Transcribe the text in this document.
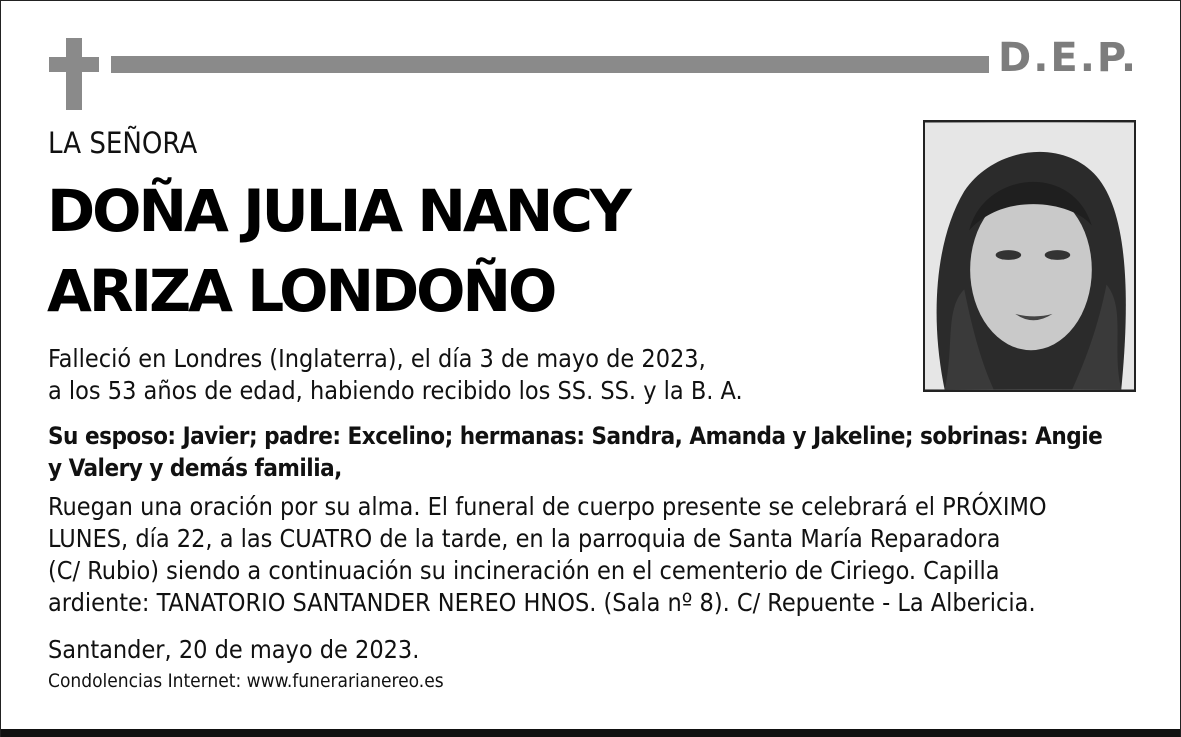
D.E.P.
LA SEÑORA
DOÑA JULIA NANCY
ARIZA LONDOÑO

Falleció en Londres (Inglaterra), el día 3 de mayo de 2023,
a los 53 años de edad, habiendo recibido los SS. SS. y la B. A.

Su esposo: Javier; padre: Excelino; hermanas: Sandra, Amanda y Jakeline; sobrinas: Angie
y Valery y demás familia,

Ruegan una oración por su alma. El funeral de cuerpo presente se celebrará el PRÓXIMO
LUNES, día 22, a las CUATRO de la tarde, en la parroquia de Santa María Reparadora
(C/ Rubio) siendo a continuación su incineración en el cementerio de Ciriego. Capilla
ardiente: TANATORIO SANTANDER NEREO HNOS. (Sala nº 8). C/ Repuente - La Albericia.

Santander, 20 de mayo de 2023.

Condolencias Internet: www.funerarianereo.es
